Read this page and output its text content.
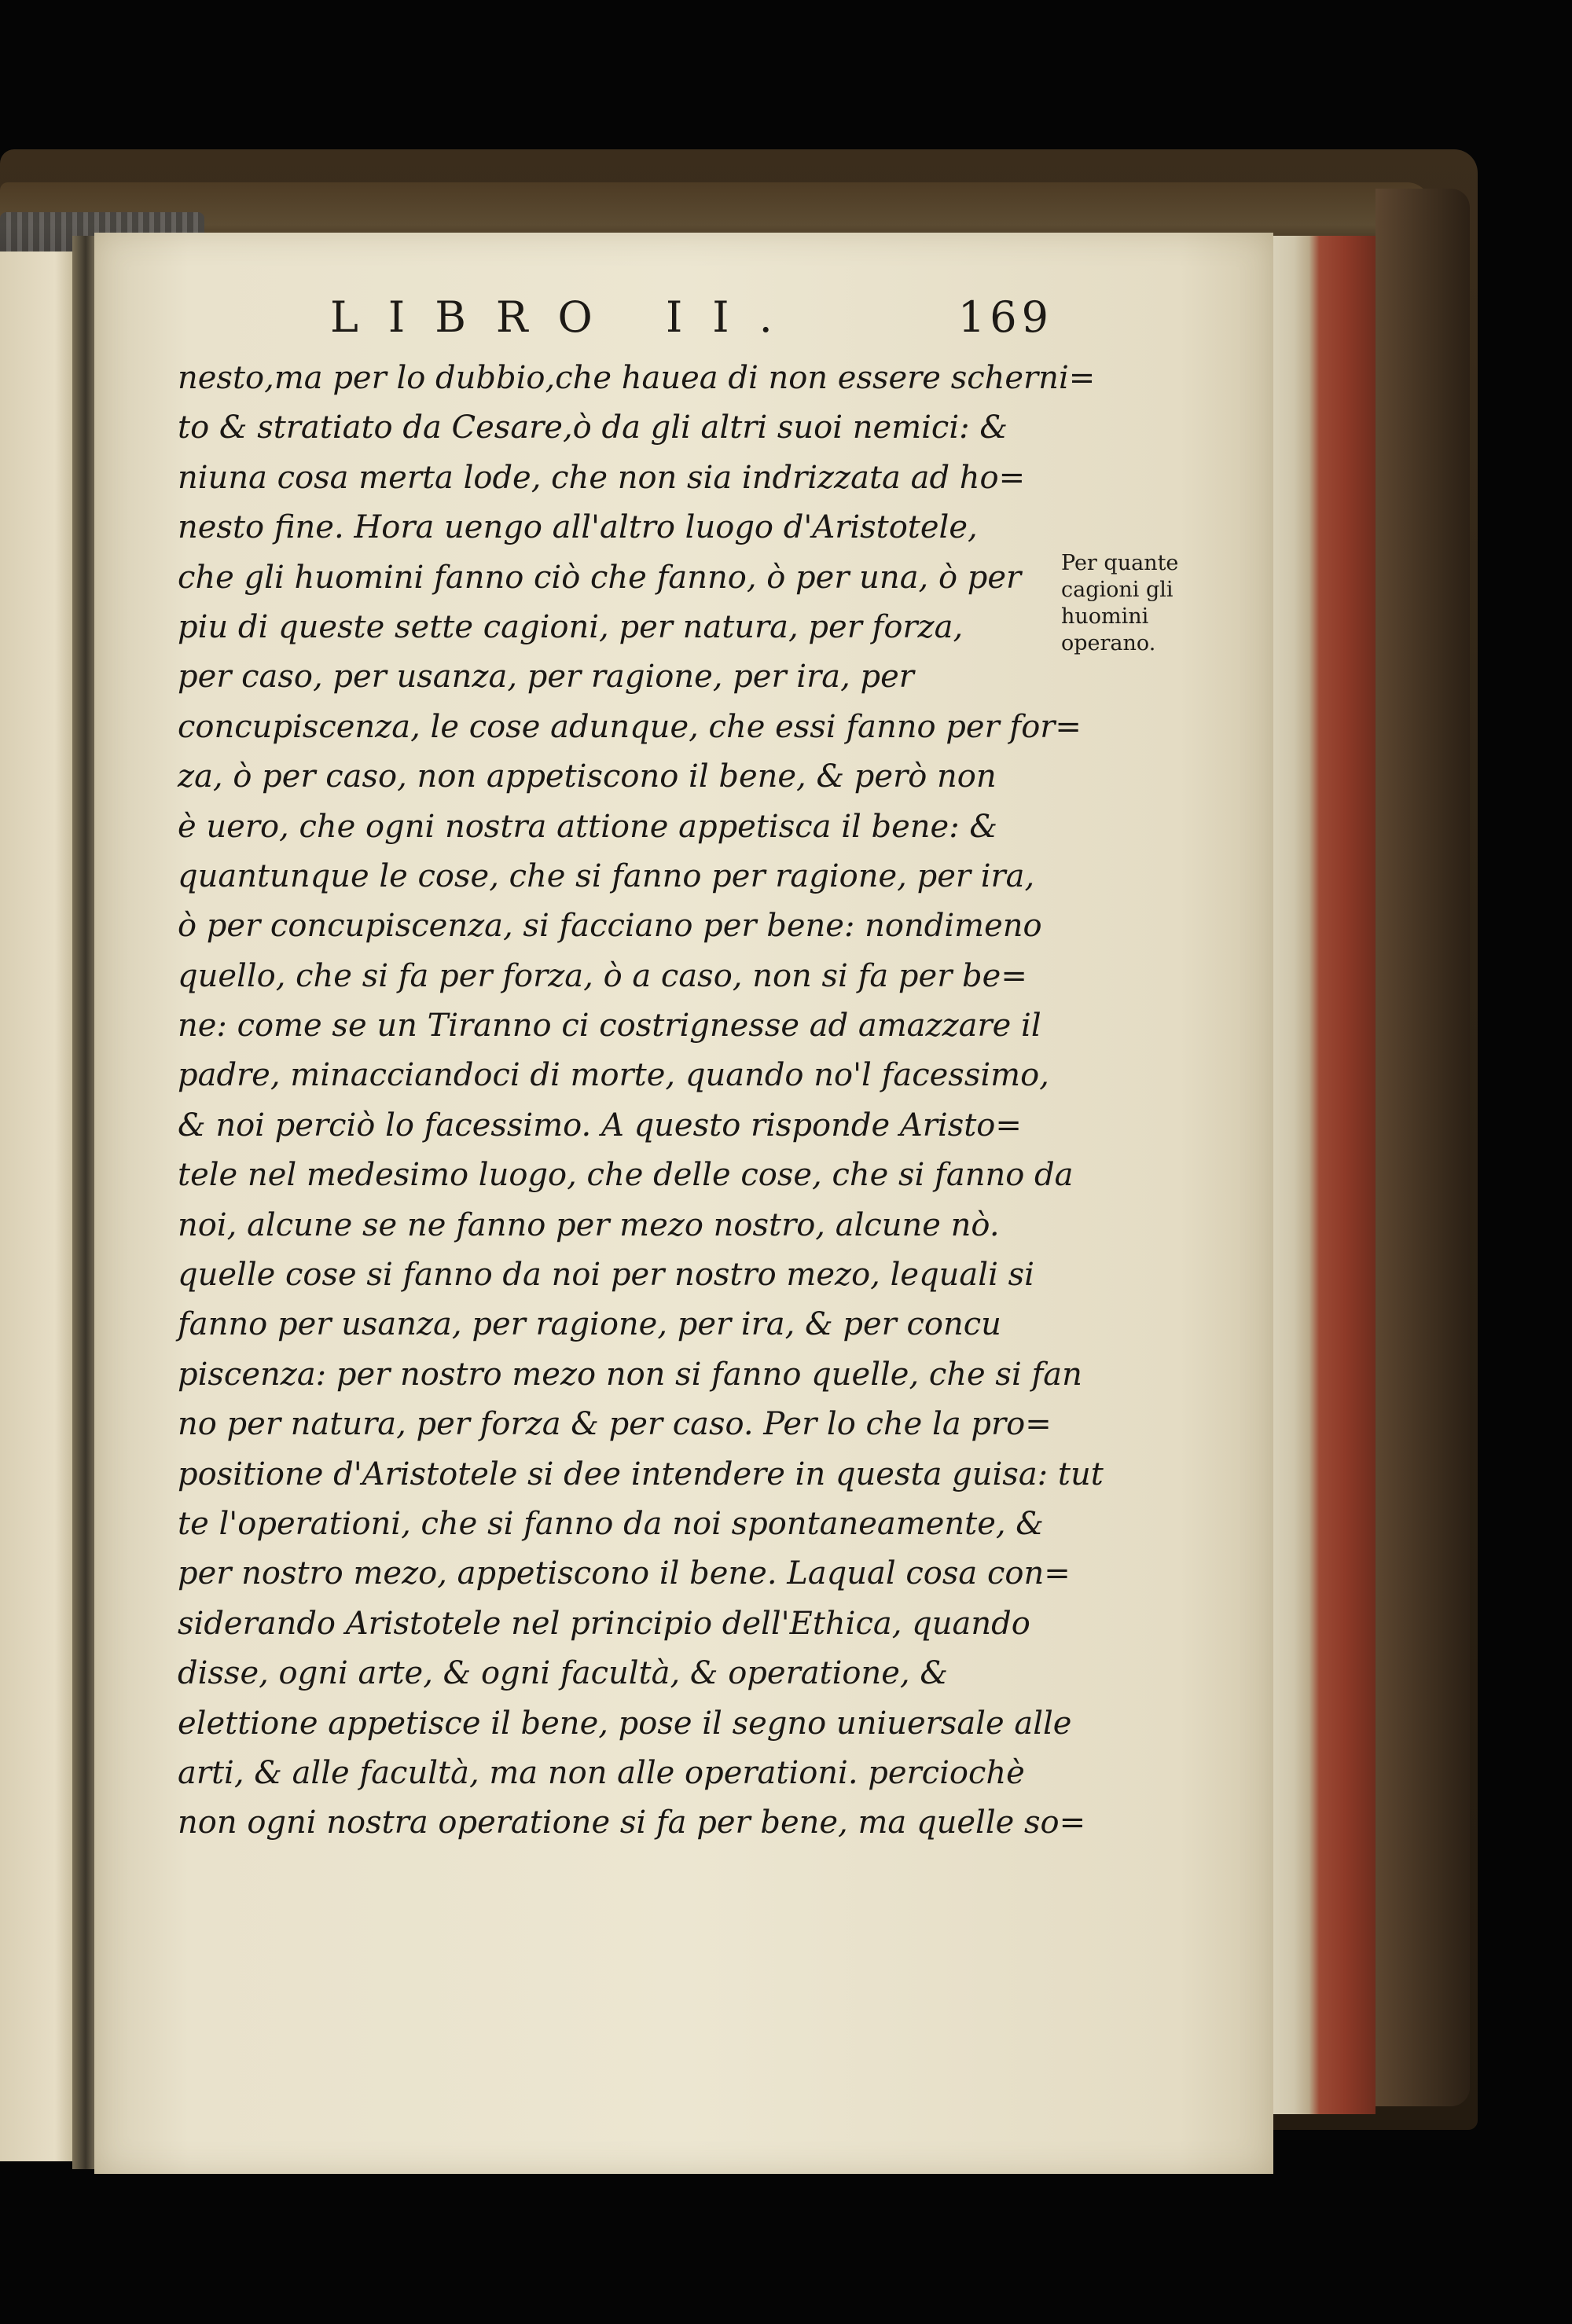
LIBRO II.	169
nesto,ma per lo dubbio,che hauea di non essere scherni=
to & stratiato da Cesare,ò da gli altri suoi nemici: &
niuna cosa merta lode, che non sia indrizzata ad ho=
nesto fine. Hora uengo all'altro luogo d'Aristotele,
che gli huomini fanno ciò che fanno, ò per una, ò per
piu di queste sette cagioni, per natura, per forza,
per caso, per usanza, per ragione, per ira, per
concupiscenza, le cose adunque, che essi fanno per for=
za, ò per caso, non appetiscono il bene, & però non
è uero, che ogni nostra attione appetisca il bene: &
quantunque le cose, che si fanno per ragione, per ira,
ò per concupiscenza, si facciano per bene: nondimeno
quello, che si fa per forza, ò a caso, non si fa per be=
ne: come se un Tiranno ci costrignesse ad amazzare il
padre, minacciandoci di morte, quando no'l facessimo,
& noi perciò lo facessimo. A questo risponde Aristo=
tele nel medesimo luogo, che delle cose, che si fanno da
noi, alcune se ne fanno per mezo nostro, alcune nò.
quelle cose si fanno da noi per nostro mezo, lequali si
fanno per usanza, per ragione, per ira, & per concu
piscenza: per nostro mezo non si fanno quelle, che si fan
no per natura, per forza & per caso. Per lo che la pro=
positione d'Aristotele si dee intendere in questa guisa: tut
te l'operationi, che si fanno da noi spontaneamente, &
per nostro mezo, appetiscono il bene. Laqual cosa con=
siderando Aristotele nel principio dell'Ethica, quando
disse, ogni arte, & ogni facultà, & operatione, &
elettione appetisce il bene, pose il segno uniuersale alle
arti, & alle facultà, ma non alle operationi. perciochè
non ogni nostra operatione si fa per bene, ma quelle so=
Per quante
cagioni gli
huomini
operano.
